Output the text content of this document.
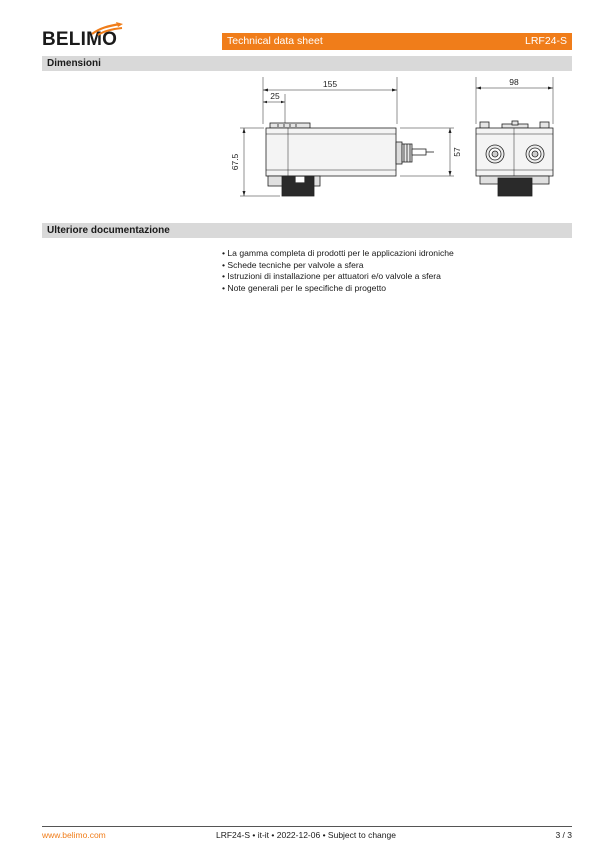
BELIMO	Technical data sheet	LRF24-S
Dimensioni
155
25
67.5
57
98
Ulteriore documentazione
• La gamma completa di prodotti per le applicazioni idroniche
• Schede tecniche per valvole a sfera
• Istruzioni di installazione per attuatori e/o valvole a sfera
• Note generali per le specifiche di progetto
www.belimo.com	LRF24-S • it-it • 2022-12-06 • Subject to change	3 / 3
